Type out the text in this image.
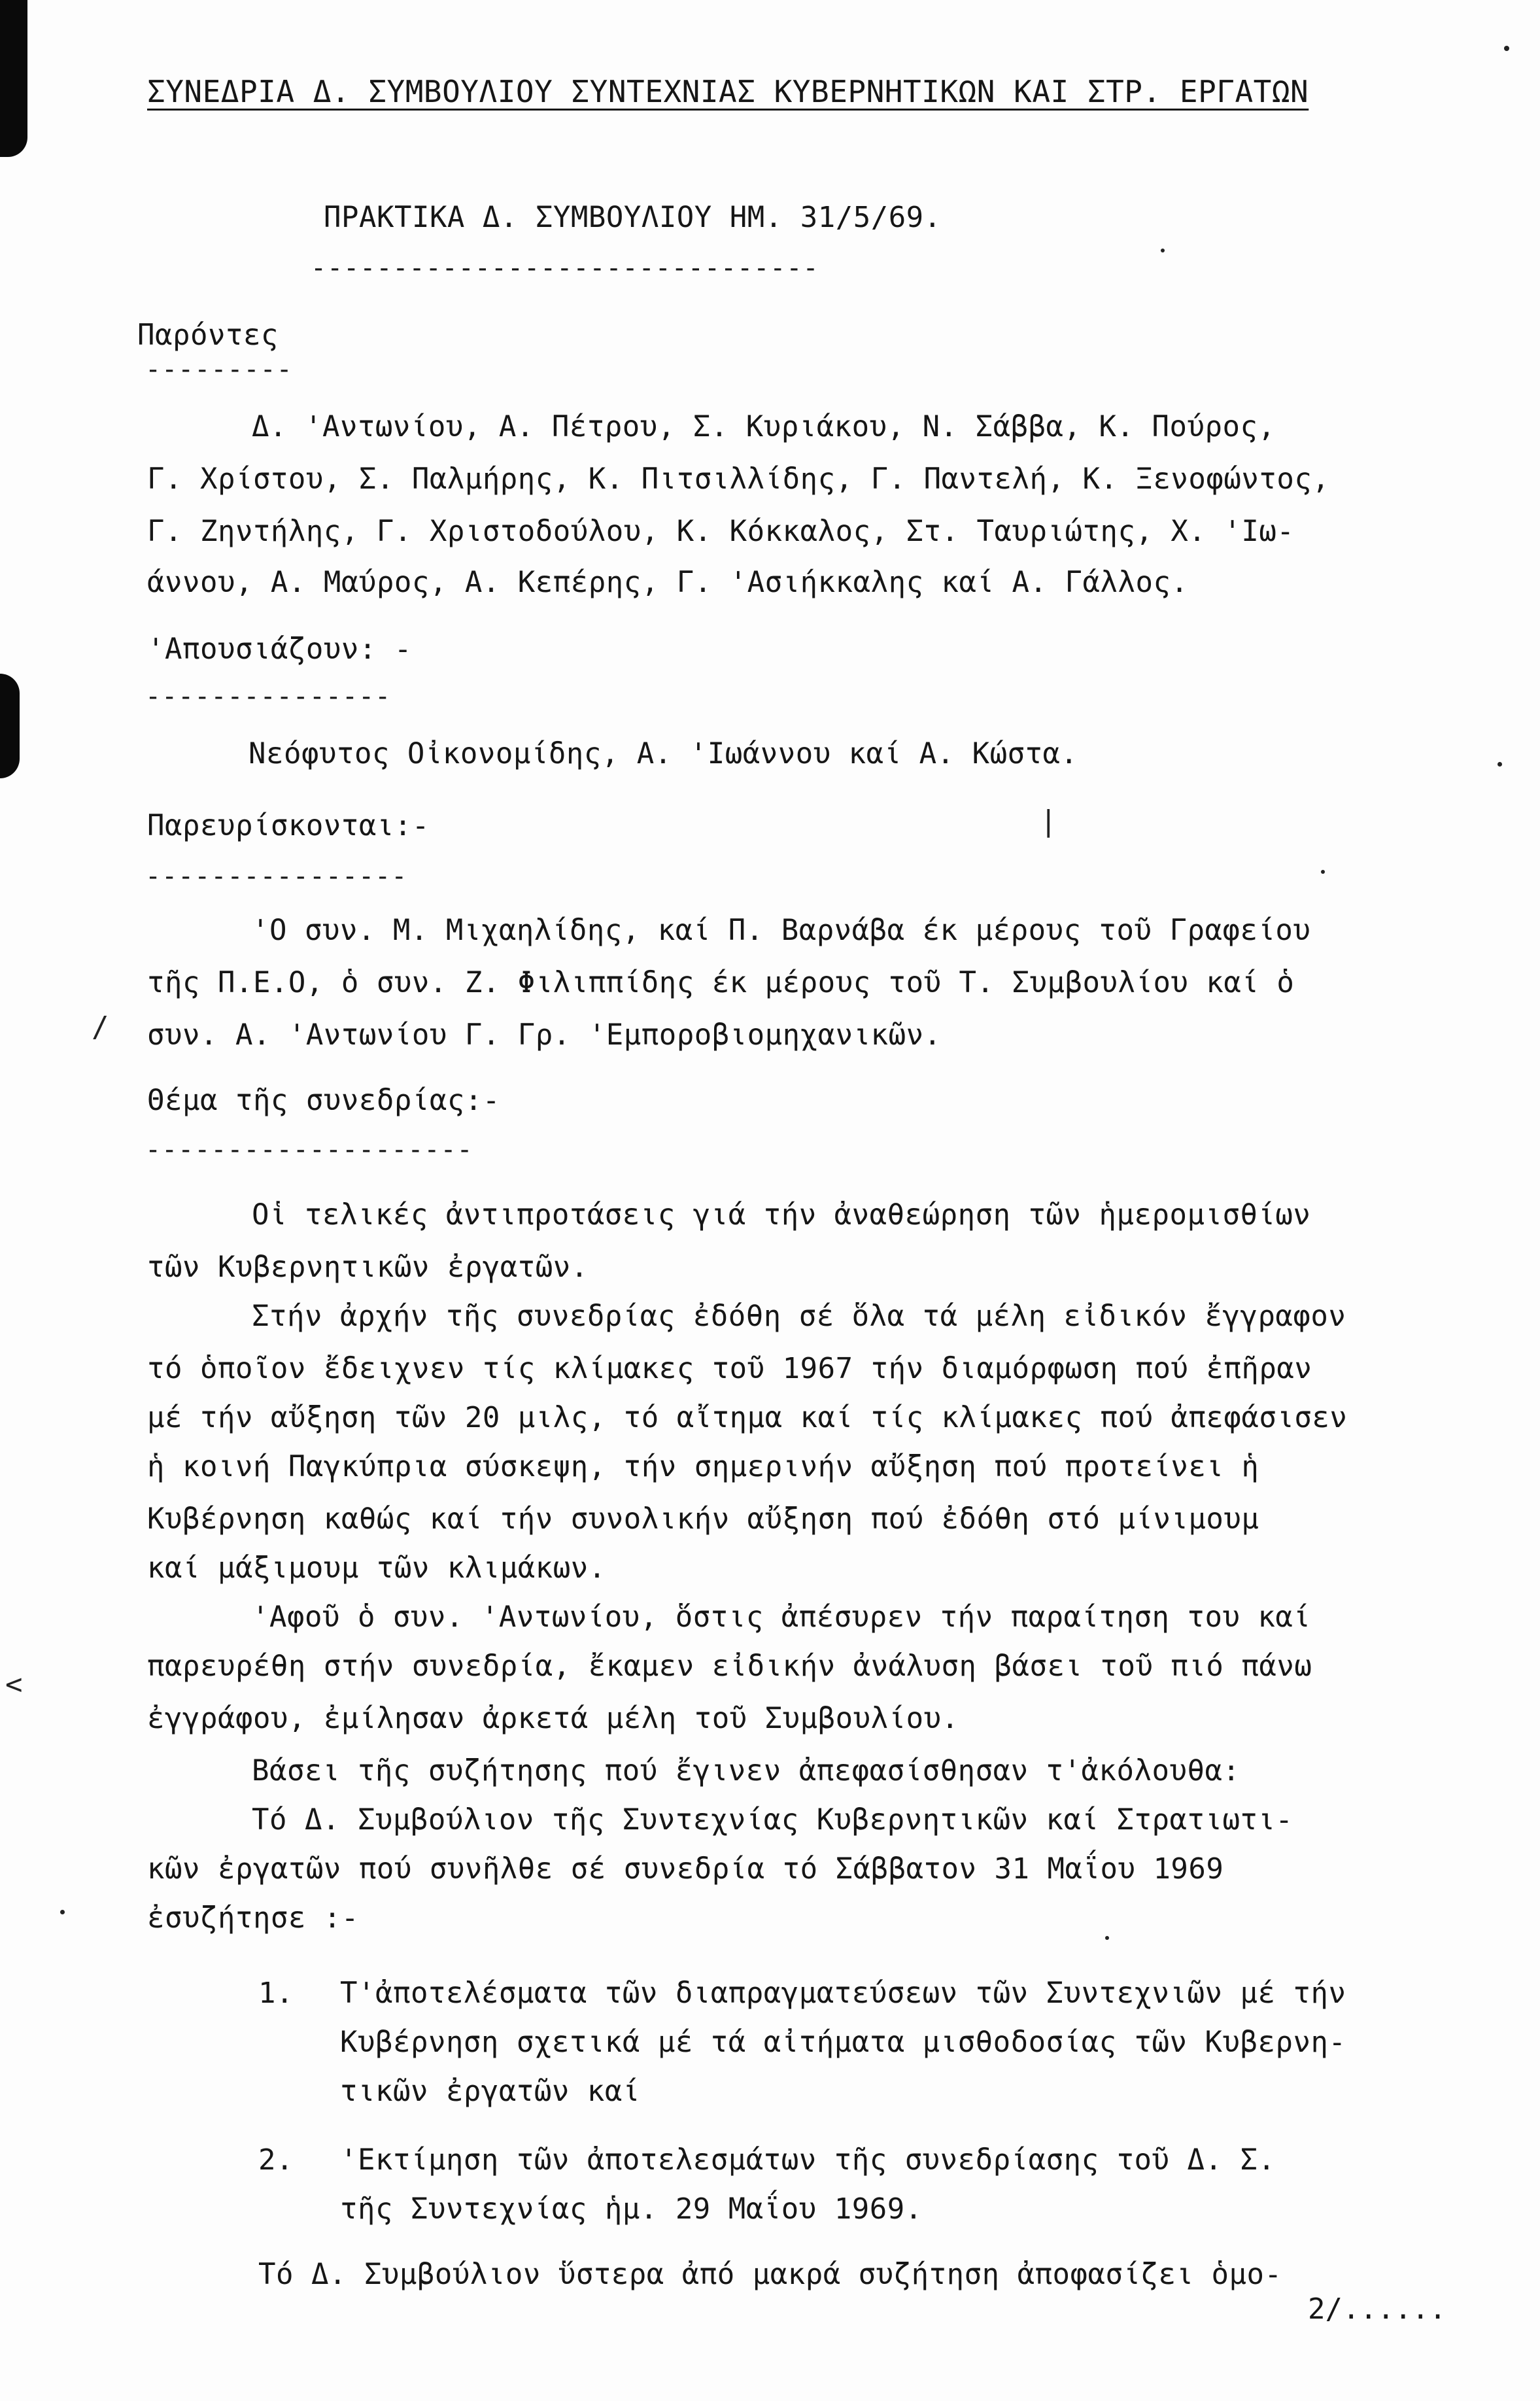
|
/
<
ΣΥΝΕΔΡΙΑ Δ. ΣΥΜΒΟΥΛΙΟΥ ΣΥΝΤΕΧΝΙΑΣ ΚΥΒΕΡΝΗΤΙΚΩΝ ΚΑΙ ΣΤΡ. ΕΡΓΑΤΩΝ
ΠΡΑΚΤΙΚΑ Δ. ΣΥΜΒΟΥΛΙΟΥ ΗΜ. 31/5/69.
-------------------------------
Παρόντες
---------
Δ. 'Αντωνίου, Α. Πέτρου, Σ. Κυριάκου, Ν. Σάββα, Κ. Πούρος,
Γ. Χρίστου, Σ. Παλμήρης, Κ. Πιτσιλλίδης, Γ. Παντελή, Κ. Ξενοφώντος,
Γ. Ζηντήλης, Γ. Χριστοδούλου, Κ. Κόκκαλος, Στ. Ταυριώτης, Χ. 'Ιω-
άννου, Α. Μαύρος, Α. Κεπέρης, Γ. 'Ασιήκκαλης καί Α. Γάλλος.
'Απουσιάζουν: -
---------------
Νεόφυτος Οἰκονομίδης, Α. 'Ιωάννου καί Α. Κώστα.
Παρευρίσκονται:-
----------------
'Ο συν. Μ. Μιχαηλίδης, καί Π. Βαρνάβα έκ μέρους τοῦ Γραφείου
τῆς Π.Ε.Ο, ὁ συν. Ζ. Φιλιππίδης έκ μέρους τοῦ Τ. Συμβουλίου καί ὁ
συν. Α. 'Αντωνίου Γ. Γρ. 'Εμποροβιομηχανικῶν.
Θέμα τῆς συνεδρίας:-
--------------------
Οἱ τελικές ἀντιπροτάσεις γιά τήν ἀναθεώρηση τῶν ἡμερομισθίων
τῶν Κυβερνητικῶν ἐργατῶν.
Στήν ἀρχήν τῆς συνεδρίας ἐδόθη σέ ὅλα τά μέλη εἰδικόν ἔγγραφον
τό ὁποῖον ἔδειχνεν τίς κλίμακες τοῦ 1967 τήν διαμόρφωση πού ἐπῆραν
μέ τήν αὔξηση τῶν 20 μιλς, τό αἴτημα καί τίς κλίμακες πού ἀπεφάσισεν
ἡ κοινή Παγκύπρια σύσκεψη, τήν σημερινήν αὔξηση πού προτείνει ἡ
Κυβέρνηση καθώς καί τήν συνολικήν αὔξηση πού ἐδόθη στό μίνιμουμ
καί μάξιμουμ τῶν κλιμάκων.
'Αφοῦ ὁ συν. 'Αντωνίου, ὅστις ἀπέσυρεν τήν παραίτηση του καί
παρευρέθη στήν συνεδρία, ἔκαμεν εἰδικήν ἀνάλυση βάσει τοῦ πιό πάνω
ἐγγράφου, ἐμίλησαν ἀρκετά μέλη τοῦ Συμβουλίου.
Βάσει τῆς συζήτησης πού ἔγινεν ἀπεφασίσθησαν τ'ἀκόλουθα:
Τό Δ. Συμβούλιον τῆς Συντεχνίας Κυβερνητικῶν καί Στρατιωτι-
κῶν ἐργατῶν πού συνῆλθε σέ συνεδρία τό Σάββατον 31 Μαΐου 1969
ἐσυζήτησε :-
1. Τ'ἀποτελέσματα τῶν διαπραγματεύσεων τῶν Συντεχνιῶν μέ τήν
Κυβέρνηση σχετικά μέ τά αἰτήματα μισθοδοσίας τῶν Κυβερνη-
τικῶν ἐργατῶν καί
2. 'Εκτίμηση τῶν ἀποτελεσμάτων τῆς συνεδρίασης τοῦ Δ. Σ.
τῆς Συντεχνίας ἡμ. 29 Μαΐου 1969.
Τό Δ. Συμβούλιον ὕστερα ἀπό μακρά συζήτηση ἀποφασίζει ὁμο-
2/......
